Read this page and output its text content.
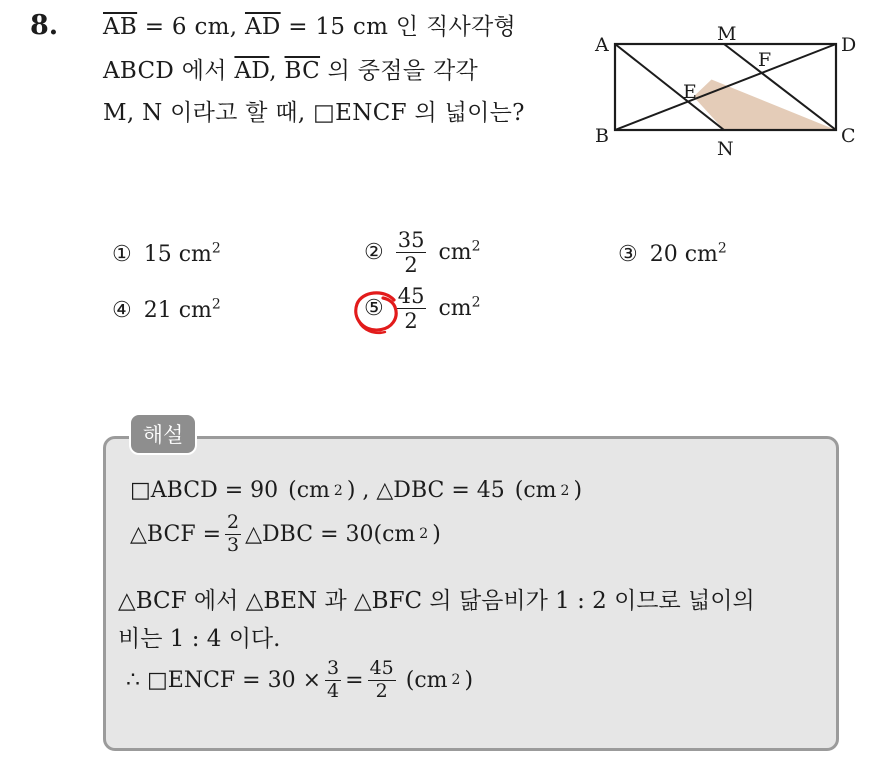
8. $\overline{AB} = 6$ cm, $\overline{AD} = 15$ cm 인 직사각형
ABCD 에서 $\overline{AD}$, $\overline{BC}$ 의 중점을 각각
M, N 이라고 할 때, □ENCF 의 넓이는?
A	M	D
F
E
B
N
C
① 15 $cm^2$	② $\frac{35}{2} cm^2$	③ 20 $cm^2$
④ 21 $cm^2$	⑤ $\frac{45}{2} cm^2$
해설
□ABCD = 90 (cm 2 ) , △DBC = 45 (cm 2 )
△BCF = $\frac{2}{3}$ △DBC = 30(cm 2 )
△BCF 에서 △BEN 과 △BFC 의 닮음비가 1 : 2 이므로 넓이의
비는 1 : 4 이다.
∴ □ENCF = $30 \times \frac{3}{4} = \frac{45}{2} (cm$ 2 )
